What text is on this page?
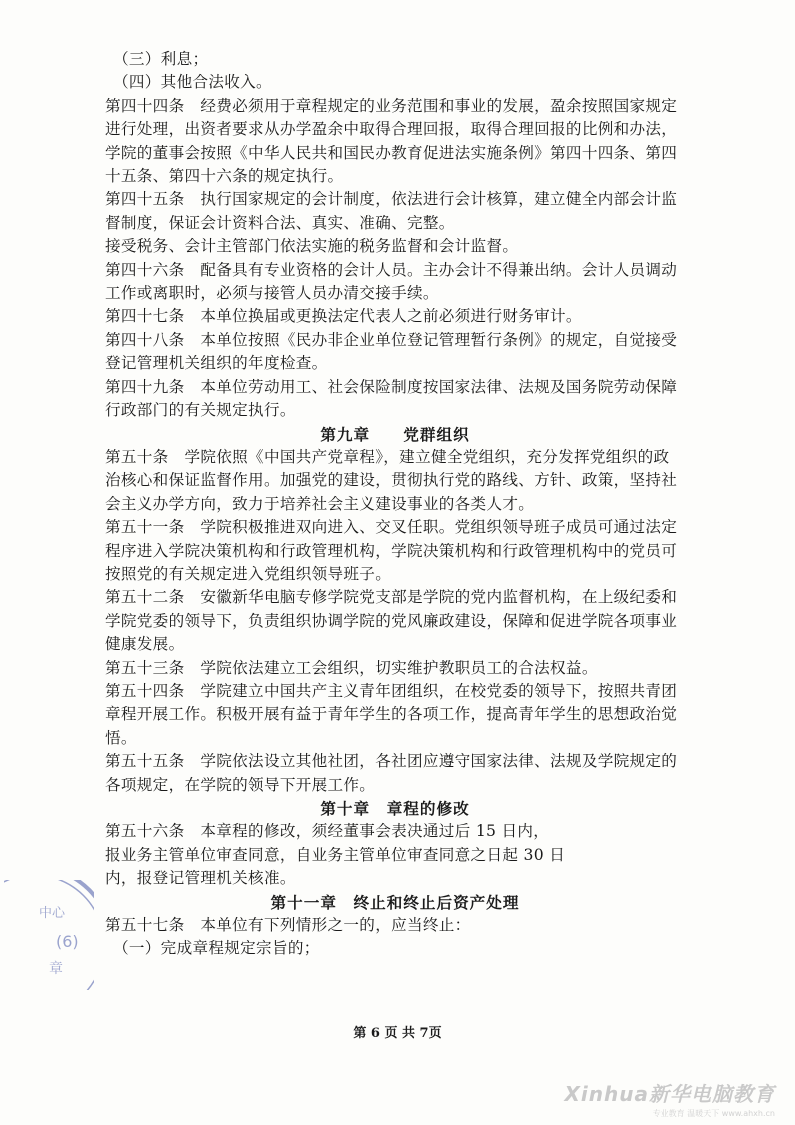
（三）利息；

（四）其他合法收入。

第四十四条　经费必须用于章程规定的业务范围和事业的发展，盈余按照国家规定进行处理，出资者要求从办学盈余中取得合理回报，取得合理回报的比例和办法，学院的董事会按照《中华人民共和国民办教育促进法实施条例》第四十四条、第四十五条、第四十六条的规定执行。

第四十五条　执行国家规定的会计制度，依法进行会计核算，建立健全内部会计监督制度，保证会计资料合法、真实、准确、完整。

接受税务、会计主管部门依法实施的税务监督和会计监督。

第四十六条　配备具有专业资格的会计人员。主办会计不得兼出纳。会计人员调动工作或离职时，必须与接管人员办清交接手续。

第四十七条　本单位换届或更换法定代表人之前必须进行财务审计。

第四十八条　本单位按照《民办非企业单位登记管理暂行条例》的规定，自觉接受登记管理机关组织的年度检查。

第四十九条　本单位劳动用工、社会保险制度按国家法律、法规及国务院劳动保障行政部门的有关规定执行。

第九章　　党群组织

第五十条　学院依照《中国共产党章程》，建立健全党组织，充分发挥党组织的政治核心和保证监督作用。加强党的建设，贯彻执行党的路线、方针、政策，坚持社会主义办学方向，致力于培养社会主义建设事业的各类人才。

第五十一条　学院积极推进双向进入、交叉任职。党组织领导班子成员可通过法定程序进入学院决策机构和行政管理机构，学院决策机构和行政管理机构中的党员可按照党的有关规定进入党组织领导班子。

第五十二条　安徽新华电脑专修学院党支部是学院的党内监督机构，在上级纪委和学院党委的领导下，负责组织协调学院的党风廉政建设，保障和促进学院各项事业健康发展。

第五十三条　学院依法建立工会组织，切实维护教职员工的合法权益。

第五十四条　学院建立中国共产主义青年团组织，在校党委的领导下，按照共青团章程开展工作。积极开展有益于青年学生的各项工作，提高青年学生的思想政治觉悟。

第五十五条　学院依法设立其他社团，各社团应遵守国家法律、法规及学院规定的各项规定，在学院的领导下开展工作。

第十章　章程的修改

第五十六条　本章程的修改，须经董事会表决通过后 15 日内，

报业务主管单位审查同意，自业务主管单位审查同意之日起 30 日

内，报登记管理机关核准。

第十一章　终止和终止后资产处理

第五十七条　本单位有下列情形之一的，应当终止：

（一）完成章程规定宗旨的；

中心
(6)
章
日
第 6 页 共 7页
Xinhua新华电脑教育
专业教育 温暖天下 www.ahxh.cn
